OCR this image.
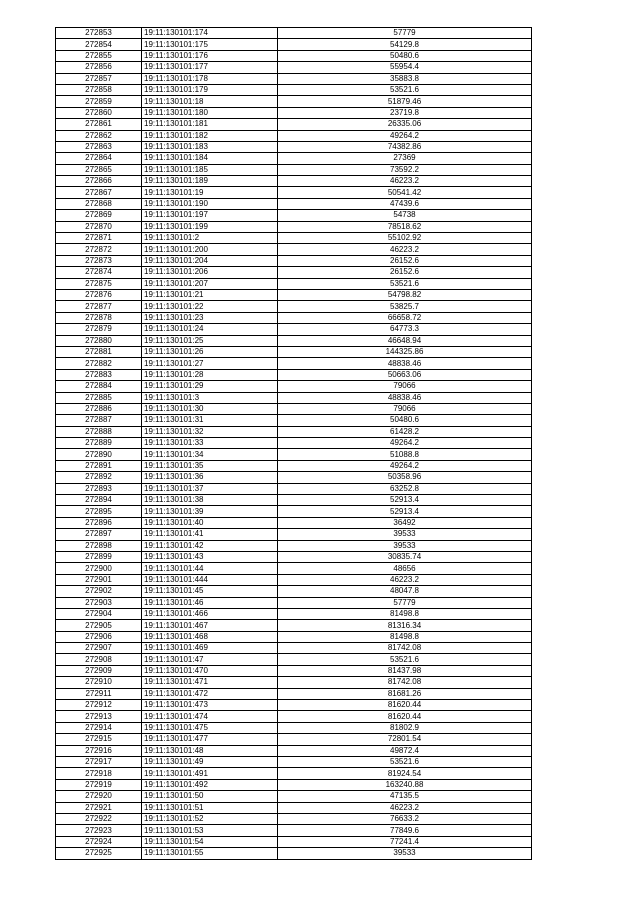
272853	19:11:130101:174	57779
272854	19:11:130101:175	54129.8
272855	19:11:130101:176	50480.6
272856	19:11:130101:177	55954.4
272857	19:11:130101:178	35883.8
272858	19:11:130101:179	53521.6
272859	19:11:130101:18	51879.46
272860	19:11:130101:180	23719.8
272861	19:11:130101:181	26335.06
272862	19:11:130101:182	49264.2
272863	19:11:130101:183	74382.86
272864	19:11:130101:184	27369
272865	19:11:130101:185	73592.2
272866	19:11:130101:189	46223.2
272867	19:11:130101:19	50541.42
272868	19:11:130101:190	47439.6
272869	19:11:130101:197	54738
272870	19:11:130101:199	78518.62
272871	19:11:130101:2	55102.92
272872	19:11:130101:200	46223.2
272873	19:11:130101:204	26152.6
272874	19:11:130101:206	26152.6
272875	19:11:130101:207	53521.6
272876	19:11:130101:21	54798.82
272877	19:11:130101:22	53825.7
272878	19:11:130101:23	66658.72
272879	19:11:130101:24	64773.3
272880	19:11:130101:25	46648.94
272881	19:11:130101:26	144325.86
272882	19:11:130101:27	48838.46
272883	19:11:130101:28	50663.06
272884	19:11:130101:29	79066
272885	19:11:130101:3	48838.46
272886	19:11:130101:30	79066
272887	19:11:130101:31	50480.6
272888	19:11:130101:32	61428.2
272889	19:11:130101:33	49264.2
272890	19:11:130101:34	51088.8
272891	19:11:130101:35	49264.2
272892	19:11:130101:36	50358.96
272893	19:11:130101:37	63252.8
272894	19:11:130101:38	52913.4
272895	19:11:130101:39	52913.4
272896	19:11:130101:40	36492
272897	19:11:130101:41	39533
272898	19:11:130101:42	39533
272899	19:11:130101:43	30835.74
272900	19:11:130101:44	48656
272901	19:11:130101:444	46223.2
272902	19:11:130101:45	48047.8
272903	19:11:130101:46	57779
272904	19:11:130101:466	81498.8
272905	19:11:130101:467	81316.34
272906	19:11:130101:468	81498.8
272907	19:11:130101:469	81742.08
272908	19:11:130101:47	53521.6
272909	19:11:130101:470	81437.98
272910	19:11:130101:471	81742.08
272911	19:11:130101:472	81681.26
272912	19:11:130101:473	81620.44
272913	19:11:130101:474	81620.44
272914	19:11:130101:475	81802.9
272915	19:11:130101:477	72801.54
272916	19:11:130101:48	49872.4
272917	19:11:130101:49	53521.6
272918	19:11:130101:491	81924.54
272919	19:11:130101:492	163240.88
272920	19:11:130101:50	47135.5
272921	19:11:130101:51	46223.2
272922	19:11:130101:52	76633.2
272923	19:11:130101:53	77849.6
272924	19:11:130101:54	77241.4
272925	19:11:130101:55	39533
